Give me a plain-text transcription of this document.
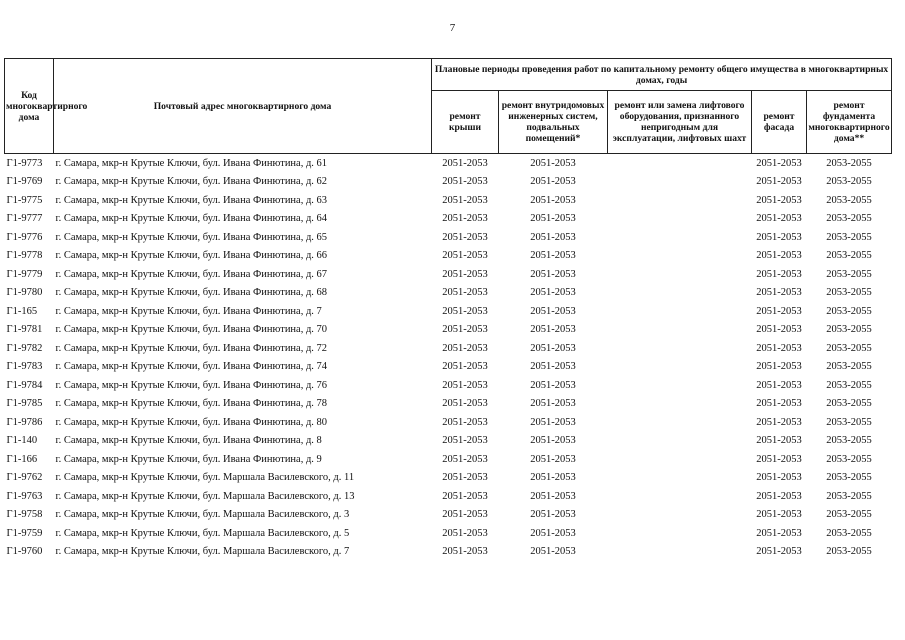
7
Код многоквартирного дома	Почтовый адрес многоквартирного дома	Плановые периоды проведения работ по капитальному ремонту общего имущества в многоквартирных домах, годы				
		ремонт крыши	ремонт внутридомовых инженерных систем, подвальных помещений*	ремонт или замена лифтового оборудования, признанного непригодным для эксплуатации, лифтовых шахт	ремонт фасада	ремонт фундамента многоквартирного дома**
Г1-9773	г. Самара, мкр-н Крутые Ключи, бул. Ивана Финютина, д. 61	2051-2053	2051-2053		2051-2053	2053-2055
Г1-9769	г. Самара, мкр-н Крутые Ключи, бул. Ивана Финютина, д. 62	2051-2053	2051-2053		2051-2053	2053-2055
Г1-9775	г. Самара, мкр-н Крутые Ключи, бул. Ивана Финютина, д. 63	2051-2053	2051-2053		2051-2053	2053-2055
Г1-9777	г. Самара, мкр-н Крутые Ключи, бул. Ивана Финютина, д. 64	2051-2053	2051-2053		2051-2053	2053-2055
Г1-9776	г. Самара, мкр-н Крутые Ключи, бул. Ивана Финютина, д. 65	2051-2053	2051-2053		2051-2053	2053-2055
Г1-9778	г. Самара, мкр-н Крутые Ключи, бул. Ивана Финютина, д. 66	2051-2053	2051-2053		2051-2053	2053-2055
Г1-9779	г. Самара, мкр-н Крутые Ключи, бул. Ивана Финютина, д. 67	2051-2053	2051-2053		2051-2053	2053-2055
Г1-9780	г. Самара, мкр-н Крутые Ключи, бул. Ивана Финютина, д. 68	2051-2053	2051-2053		2051-2053	2053-2055
Г1-165	г. Самара, мкр-н Крутые Ключи, бул. Ивана Финютина, д. 7	2051-2053	2051-2053		2051-2053	2053-2055
Г1-9781	г. Самара, мкр-н Крутые Ключи, бул. Ивана Финютина, д. 70	2051-2053	2051-2053		2051-2053	2053-2055
Г1-9782	г. Самара, мкр-н Крутые Ключи, бул. Ивана Финютина, д. 72	2051-2053	2051-2053		2051-2053	2053-2055
Г1-9783	г. Самара, мкр-н Крутые Ключи, бул. Ивана Финютина, д. 74	2051-2053	2051-2053		2051-2053	2053-2055
Г1-9784	г. Самара, мкр-н Крутые Ключи, бул. Ивана Финютина, д. 76	2051-2053	2051-2053		2051-2053	2053-2055
Г1-9785	г. Самара, мкр-н Крутые Ключи, бул. Ивана Финютина, д. 78	2051-2053	2051-2053		2051-2053	2053-2055
Г1-9786	г. Самара, мкр-н Крутые Ключи, бул. Ивана Финютина, д. 80	2051-2053	2051-2053		2051-2053	2053-2055
Г1-140	г. Самара, мкр-н Крутые Ключи, бул. Ивана Финютина, д. 8	2051-2053	2051-2053		2051-2053	2053-2055
Г1-166	г. Самара, мкр-н Крутые Ключи, бул. Ивана Финютина, д. 9	2051-2053	2051-2053		2051-2053	2053-2055
Г1-9762	г. Самара, мкр-н Крутые Ключи, бул. Маршала Василевского, д. 11	2051-2053	2051-2053		2051-2053	2053-2055
Г1-9763	г. Самара, мкр-н Крутые Ключи, бул. Маршала Василевского, д. 13	2051-2053	2051-2053		2051-2053	2053-2055
Г1-9758	г. Самара, мкр-н Крутые Ключи, бул. Маршала Василевского, д. 3	2051-2053	2051-2053		2051-2053	2053-2055
Г1-9759	г. Самара, мкр-н Крутые Ключи, бул. Маршала Василевского, д. 5	2051-2053	2051-2053		2051-2053	2053-2055
Г1-9760	г. Самара, мкр-н Крутые Ключи, бул. Маршала Василевского, д. 7	2051-2053	2051-2053		2051-2053	2053-2055
